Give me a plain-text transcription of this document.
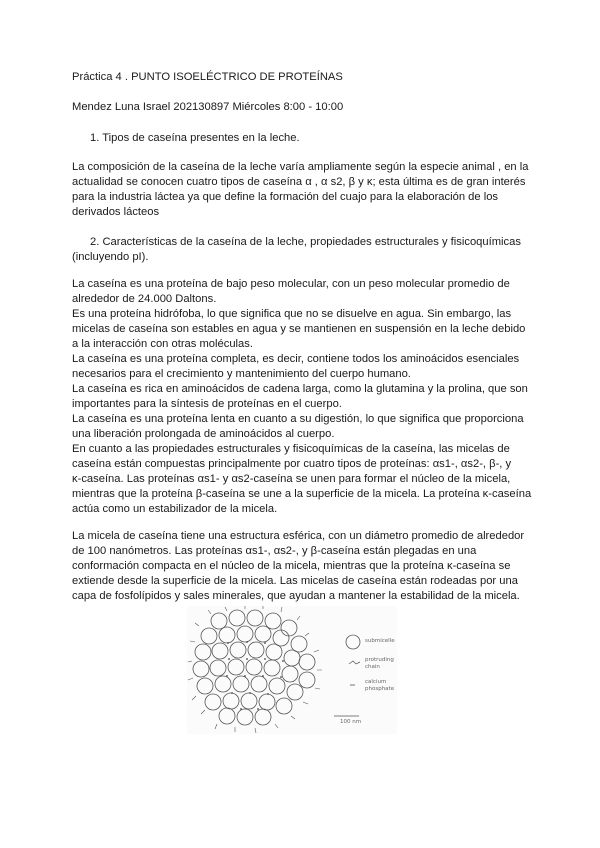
Práctica 4 . PUNTO ISOELÉCTRICO DE PROTEÍNAS
Mendez Luna Israel 202130897 Miércoles 8:00 - 10:00
1. Tipos de caseína presentes en la leche.
La composición de la caseína de la leche varía ampliamente según la especie animal , en la
actualidad se conocen cuatro tipos de caseína α , α s2, β y κ; esta última es de gran interés
para la industria láctea ya que define la formación del cuajo para la elaboración de los
derivados lácteos
2. Características de la caseína de la leche, propiedades estructurales y fisicoquímicas
(incluyendo pI).
La caseína es una proteína de bajo peso molecular, con un peso molecular promedio de
alrededor de 24.000 Daltons.
Es una proteína hidrófoba, lo que significa que no se disuelve en agua. Sin embargo, las
micelas de caseína son estables en agua y se mantienen en suspensión en la leche debido
a la interacción con otras moléculas.
La caseína es una proteína completa, es decir, contiene todos los aminoácidos esenciales
necesarios para el crecimiento y mantenimiento del cuerpo humano.
La caseína es rica en aminoácidos de cadena larga, como la glutamina y la prolina, que son
importantes para la síntesis de proteínas en el cuerpo.
La caseína es una proteína lenta en cuanto a su digestión, lo que significa que proporciona
una liberación prolongada de aminoácidos al cuerpo.
En cuanto a las propiedades estructurales y fisicoquímicas de la caseína, las micelas de
caseína están compuestas principalmente por cuatro tipos de proteínas: αs1-, αs2-, β-, y
κ-caseína. Las proteínas αs1- y αs2-caseína se unen para formar el núcleo de la micela,
mientras que la proteína β-caseína se une a la superficie de la micela. La proteína κ-caseína
actúa como un estabilizador de la micela.
La micela de caseína tiene una estructura esférica, con un diámetro promedio de alrededor
de 100 nanómetros. Las proteínas αs1-, αs2-, y β-caseína están plegadas en una
conformación compacta en el núcleo de la micela, mientras que la proteína κ-caseína se
extiende desde la superficie de la micela. Las micelas de caseína están rodeadas por una
capa de fosfolípidos y sales minerales, que ayudan a mantener la estabilidad de la micela.
submicelle
protruding
chain
calcium
phosphate
100 nm
